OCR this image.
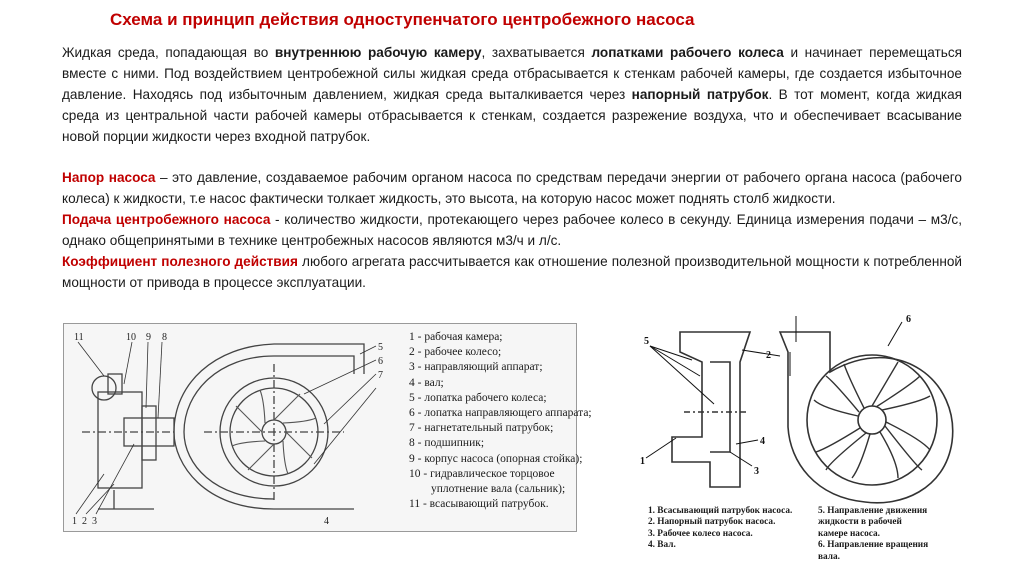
Схема и принцип действия одноступенчатого центробежного насоса

Жидкая среда, попадающая во внутреннюю рабочую камеру, захватывается лопатками рабочего колеса и начинает перемещаться вместе с ними. Под воздействием центробежной силы жидкая среда отбрасывается к стенкам рабочей камеры, где создается избыточное давление. Находясь под избыточным давлением, жидкая среда выталкивается через напорный патрубок. В тот момент, когда жидкая среда из центральной части рабочей камеры отбрасывается к стенкам, создается разрежение воздуха, что и обеспечивает всасывание новой порции жидкости через входной патрубок.

Напор насоса – это давление, создаваемое рабочим органом насоса по средствам передачи энергии от рабочего органа насоса (рабочего колеса) к жидкости, т.е насос фактически толкает жидкость, это высота, на которую насос может поднять столб жидкости.

Подача центробежного насоса - количество жидкости, протекающего через рабочее колесо в секунду. Единица измерения подачи – м3/с, однако общепринятыми в технике центробежных насосов являются м3/ч и л/с.

Коэффициент полезного действия любого агрегата рассчитывается как отношение полезной производительной мощности к потребленной мощности от привода в процессе эксплуатации.

11	10 9 8
1 2 3	4
5
6
7
1 - рабочая камера;
2 - рабочее колесо;
3 - направляющий аппарат;
4 - вал;
5 - лопатка рабочего колеса;
6 - лопатка направляющего аппарата;
7 - нагнетательный патрубок;
8 - подшипник;
9 - корпус насоса (опорная стойка);
10 - гидравлическое торцовое
уплотнение вала (сальник);
11 - всасывающий патрубок.
5
2
6
4
1
3
1. Всасывающий патрубок насоса.
2. Напорный патрубок насоса.
3. Рабочее колесо насоса.
4. Вал.
5. Направление движения
жидкости в рабочей
камере насоса.
6. Направление вращения
вала.
